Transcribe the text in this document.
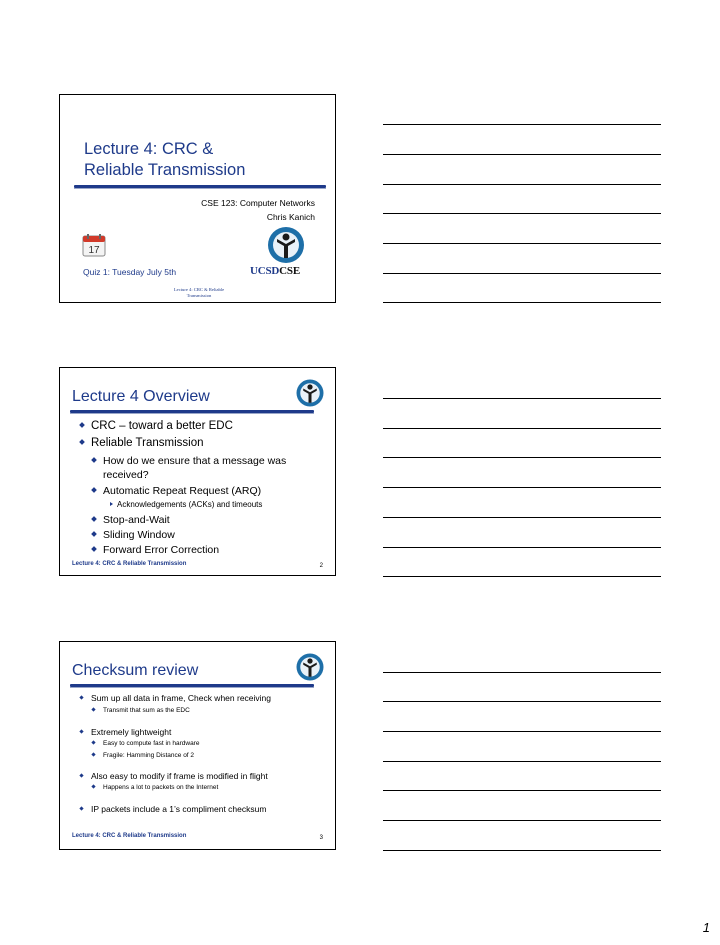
Lecture 4: CRC &
Reliable Transmission
CSE 123: Computer Networks
Chris Kanich
17
Quiz 1: Tuesday July 5th	UCSDCSE
Lecture 4: CRC & Reliable
Transmission
Lecture 4 Overview
CRC – toward a better EDC
Reliable Transmission
How do we ensure that a message was
received?
Automatic Repeat Request (ARQ)
Acknowledgements (ACKs) and timeouts
Stop-and-Wait
Sliding Window
Forward Error Correction
Lecture 4: CRC & Reliable Transmission	2
Checksum review
Sum up all data in frame, Check when receiving
Transmit that sum as the EDC
Extremely lightweight
Easy to compute fast in hardware
Fragile: Hamming Distance of 2
Also easy to modify if frame is modified in flight
Happens a lot to packets on the Internet
IP packets include a 1’s compliment checksum
Lecture 4: CRC & Reliable Transmission	3
1
